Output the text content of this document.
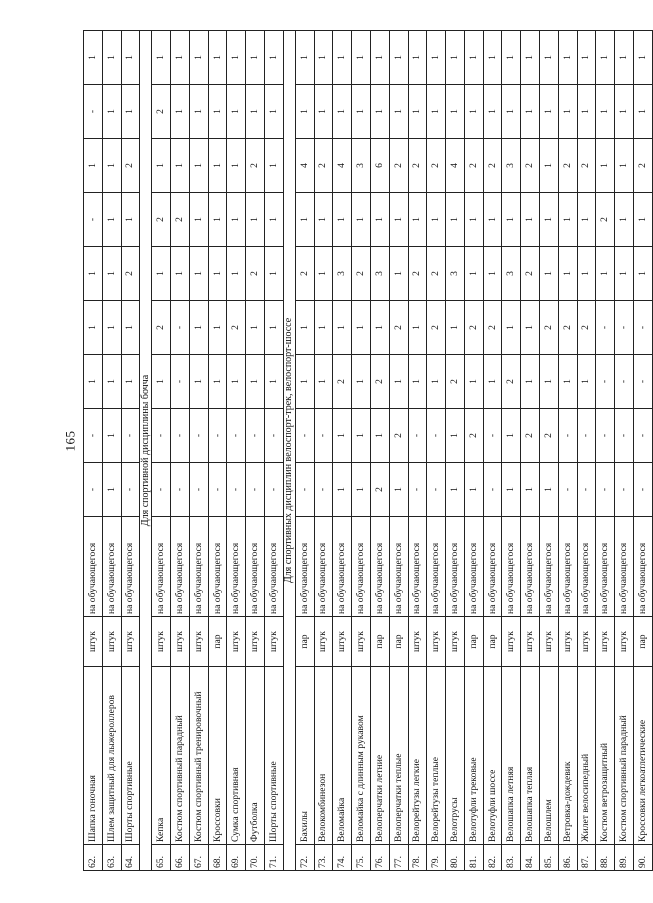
165
62.	Шапка гоночная	штук	на обучающегося	-	-	1	1	1	-	1	-	1
63.	Шлем защитный для лыжероллеров	штук	на обучающегося	1	1	1	1	1	1	1	1	1
64.	Шорты спортивные	штук	на обучающегося	-	-	1	1	2	1	2	1	1
Для спортивной дисциплины бочча												
65.	Кепка	штук	на обучающегося	-	-	1	2	1	2	1	2	1
66.	Костюм спортивный парадный	штук	на обучающегося	-	-	-	-	1	2	1	1	1
67.	Костюм спортивный тренировочный	штук	на обучающегося	-	-	1	1	1	1	1	1	1
68.	Кроссовки	пар	на обучающегося	-	-	1	1	1	1	1	1	1
69.	Сумка спортивная	штук	на обучающегося	-	-	1	2	1	1	1	1	1
70.	Футболка	штук	на обучающегося	-	-	1	1	2	1	2	1	1
71.	Шорты спортивные	штук	на обучающегося	-	-	1	1	1	1	1	1	1
Для спортивных дисциплин велоспорт-трек, велоспорт-шоссе												
72.	Бахилы	пар	на обучающегося	-	-	1	1	2	1	4	1	1
73.	Велокомбинезон	штук	на обучающегося	-	-	1	1	1	1	2	1	1
74.	Веломайка	штук	на обучающегося	1	1	2	1	3	1	4	1	1
75.	Веломайка с длинным рукавом	штук	на обучающегося	1	1	1	1	2	1	3	1	1
76.	Велоперчатки летние	пар	на обучающегося	2	1	2	1	3	1	6	1	1
77.	Велоперчатки теплые	пар	на обучающегося	1	2	1	2	1	1	2	1	1
78.	Велорейтузы легкие	штук	на обучающегося	-	-	1	1	2	1	2	1	1
79.	Велорейтузы теплые	штук	на обучающегося	-	-	1	2	2	1	2	1	1
80.	Велотрусы	штук	на обучающегося	1	1	2	1	3	1	4	1	1
81.	Велотуфли трековые	пар	на обучающегося	1	2	1	2	1	1	2	1	1
82.	Велотуфли шоссе	пар	на обучающегося	-	-	1	2	1	1	2	1	1
83.	Велошапка летняя	штук	на обучающегося	1	1	2	1	3	1	3	1	1
84.	Велошапка теплая	штук	на обучающегося	1	2	1	1	2	1	2	1	1
85.	Велошлем	штук	на обучающегося	1	2	1	2	1	1	1	1	1
86.	Ветровка-дождевик	штук	на обучающегося	-	-	1	2	1	1	2	1	1
87.	Жилет велосипедный	штук	на обучающегося	-	-	1	2	1	1	2	1	1
88.	Костюм ветрозащитный	штук	на обучающегося	-	-	-	-	1	2	1	1	1
89.	Костюм спортивный парадный	штук	на обучающегося	-	-	-	-	1	1	1	1	1
90.	Кроссовки легкоатлетические	пар	на обучающегося	-	-	-	-	1	1	2	1	1
